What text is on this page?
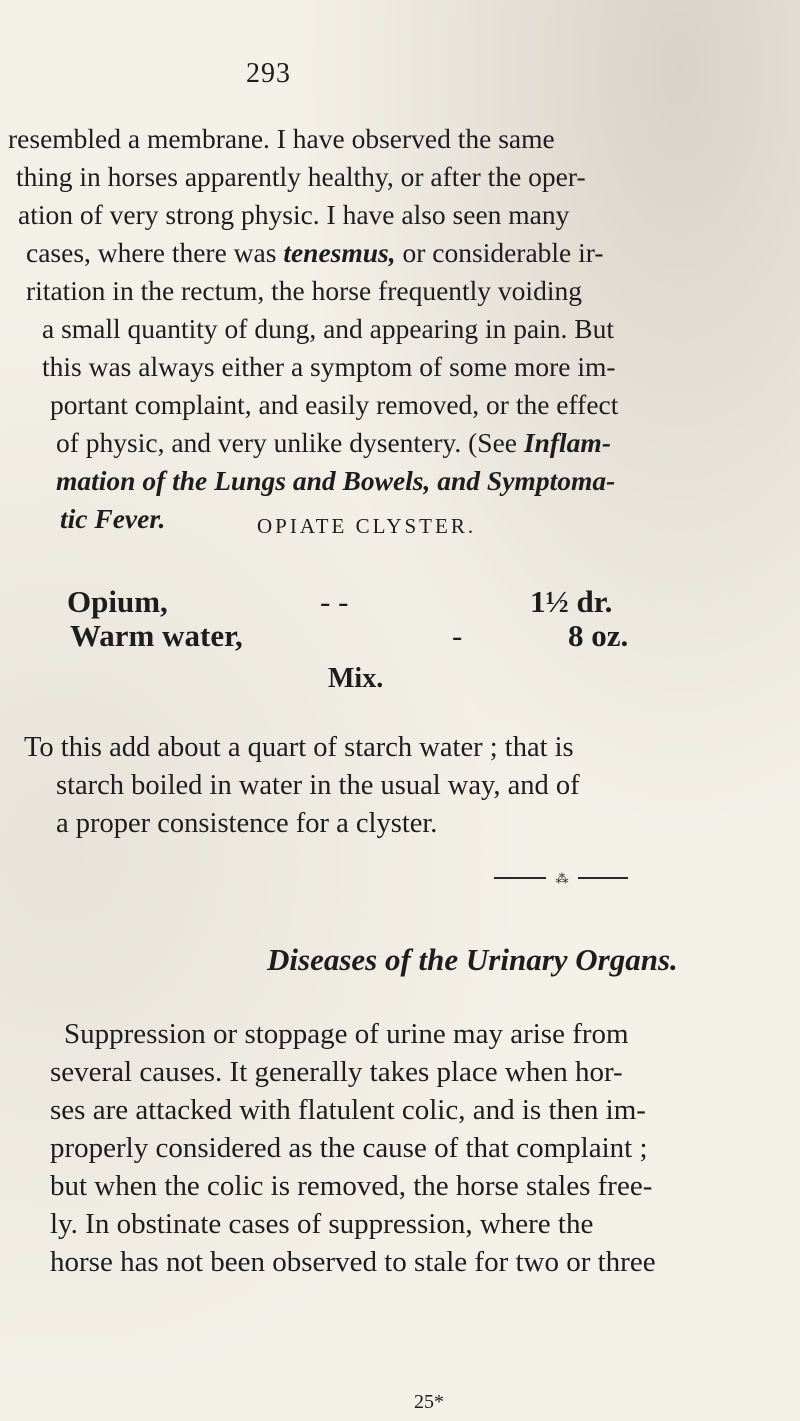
293
resembled a membrane. I have observed the same
thing in horses apparently healthy, or after the oper-
ation of very strong physic. I have also seen many
cases, where there was tenesmus, or considerable ir-
ritation in the rectum, the horse frequently voiding
a small quantity of dung, and appearing in pain. But
this was always either a symptom of some more im-
portant complaint, and easily removed, or the effect
of physic, and very unlike dysentery. (See Inflam-
mation of the Lungs and Bowels, and Symptoma-
tic Fever.	OPIATE CLYSTER.
Opium,	- -	1½ dr.
Warm water,	-	8 oz.
Mix.
To this add about a quart of starch water ; that is
starch boiled in water in the usual way, and of
a proper consistence for a clyster.
⁂
Diseases of the Urinary Organs.
Suppression or stoppage of urine may arise from
several causes. It generally takes place when hor-
ses are attacked with flatulent colic, and is then im-
properly considered as the cause of that complaint ;
but when the colic is removed, the horse stales free-
ly. In obstinate cases of suppression, where the
horse has not been observed to stale for two or three
25*
